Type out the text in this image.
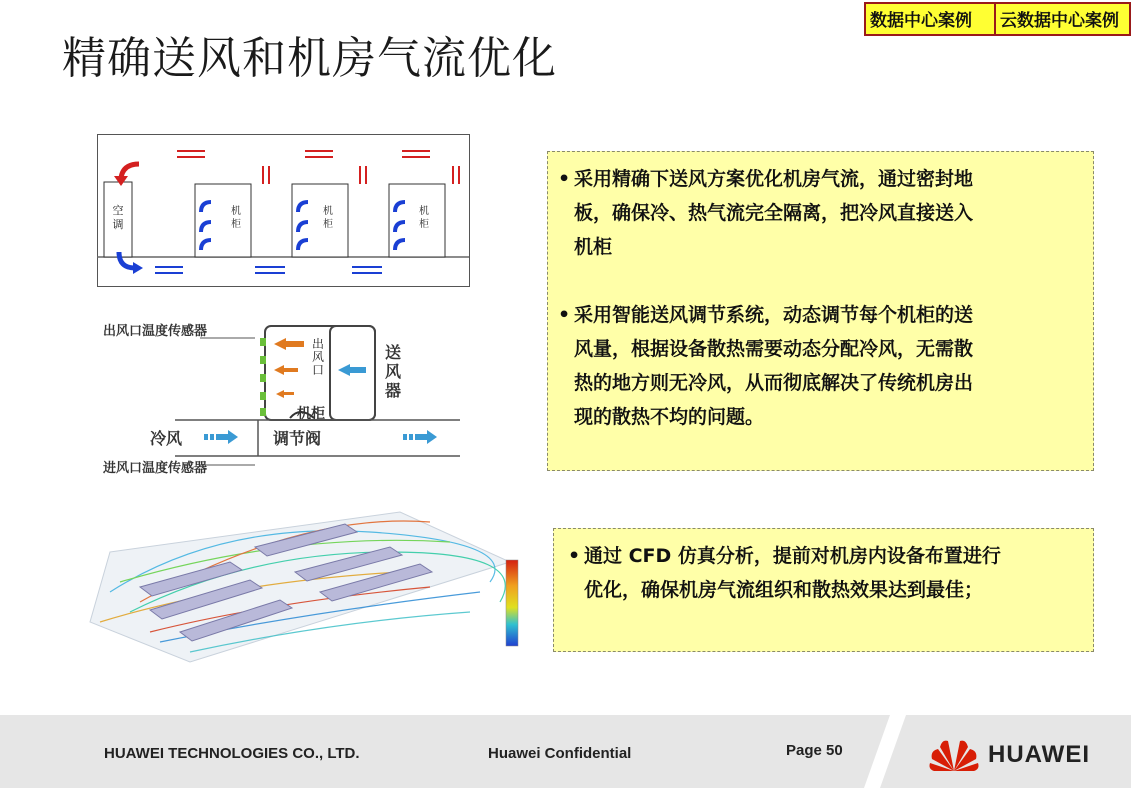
精确送风和机房气流优化
数据中心案例	云数据中心案例
空调
机柜
机柜
机柜
出风口温度传感器
出风口
送风器
机柜
冷风	调节阀
进风口温度传感器
• 采用精确下送风方案优化机房气流，通过密封地
板，确保冷、热气流完全隔离，把冷风直接送入
机柜
• 采用智能送风调节系统，动态调节每个机柜的送
风量，根据设备散热需要动态分配冷风，无需散
热的地方则无冷风，从而彻底解决了传统机房出
现的散热不均的问题。
• 通过 CFD 仿真分析，提前对机房内设备布置进行
优化，确保机房气流组织和散热效果达到最佳；
HUAWEI TECHNOLOGIES CO., LTD.	Huawei Confidential	Page 50	HUAWEI
